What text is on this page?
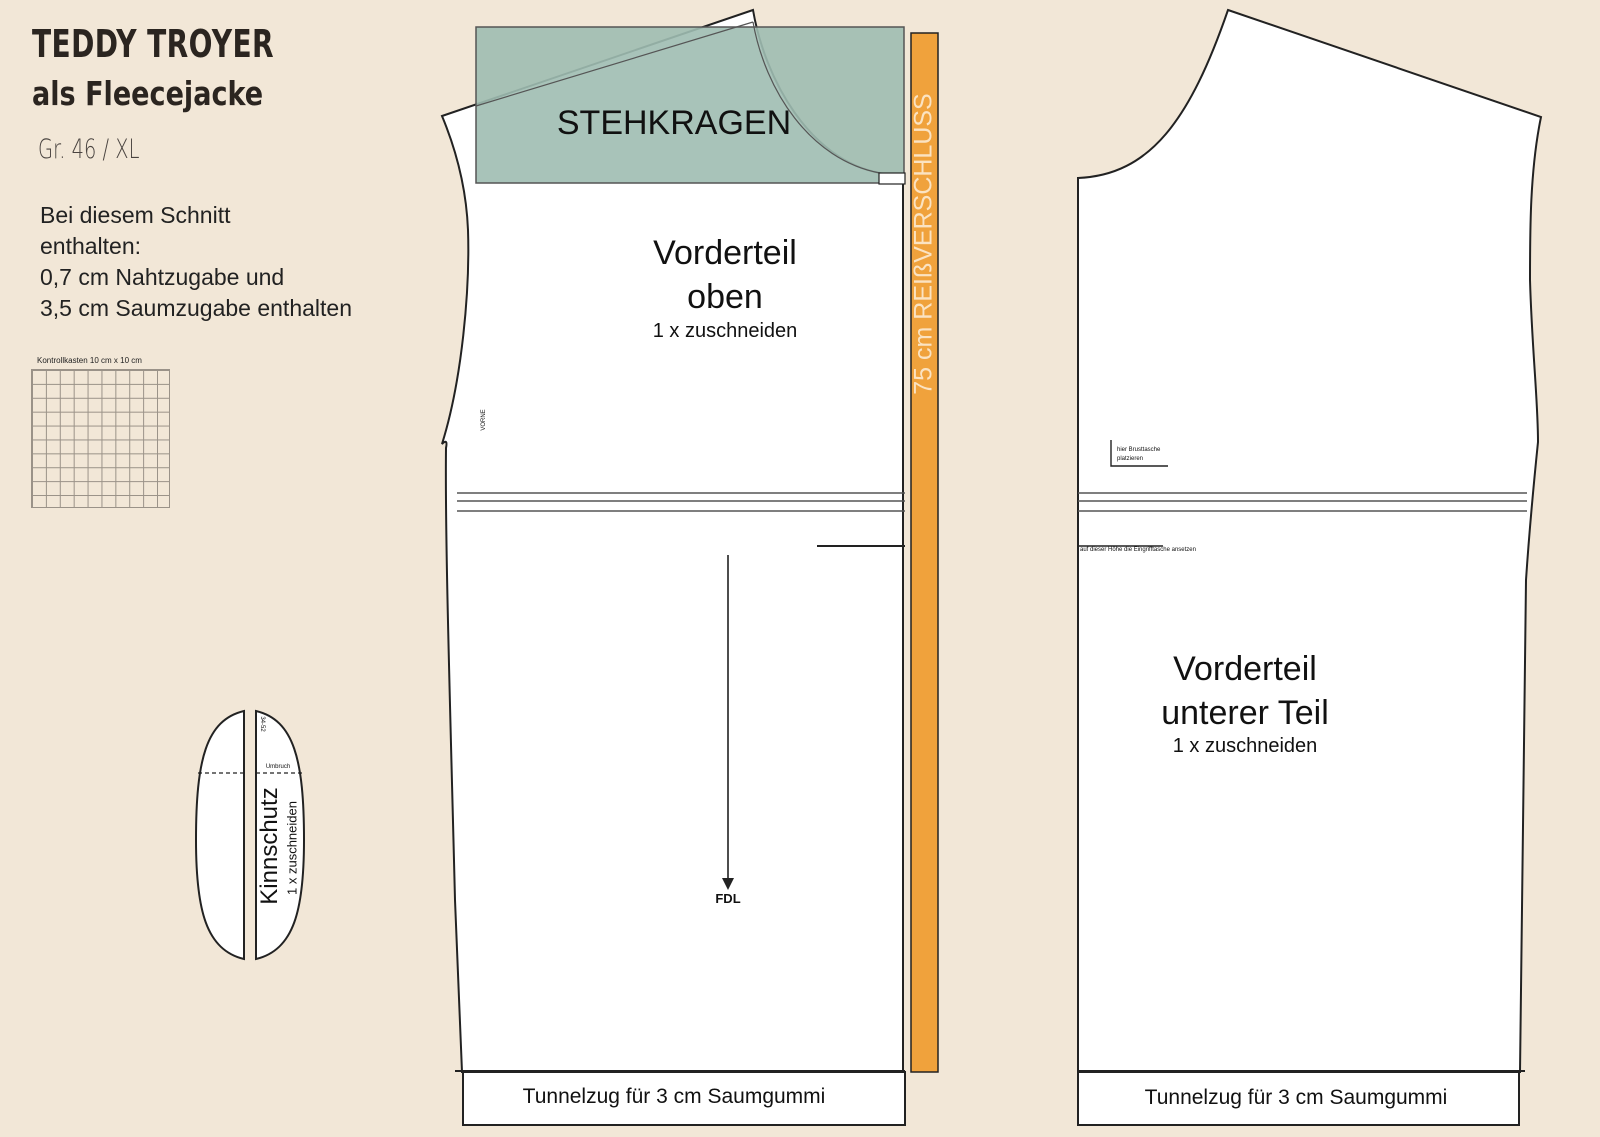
TEDDY TROYER
als Fleecejacke
Gr. 46 / XL
Bei diesem Schnitt
enthalten:
0,7 cm Nahtzugabe und
3,5 cm Saumzugabe enthalten
Kontrollkasten 10 cm x 10 cm
STEHKRAGEN	75 cm REIßVERSCHLUSS
Vorderteil
oben
1 x zuschneiden
VORNE
FDL
Tunnelzug für 3 cm Saumgummi
Vorderteil
unterer Teil
1 x zuschneiden
hier Brusttasche
platzieren
auf dieser Höhe die Eingrifftasche ansetzen
Tunnelzug für 3 cm Saumgummi
Kinnschutz 1 x zuschneiden
Umbruch
34-52
